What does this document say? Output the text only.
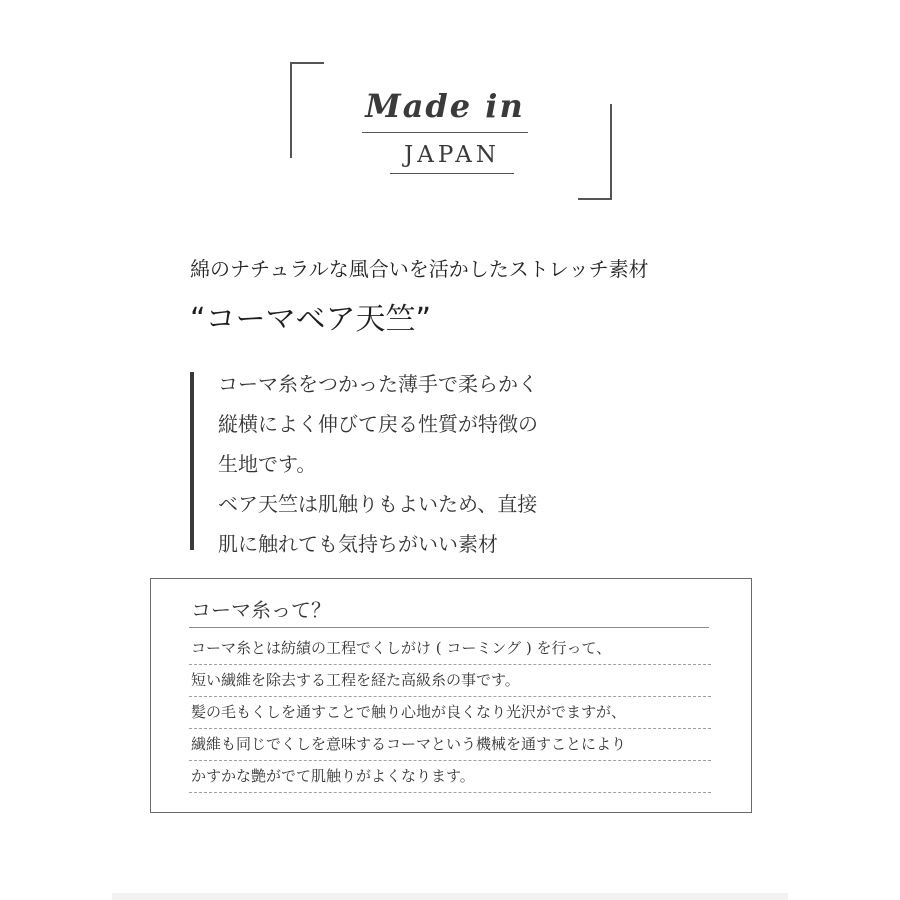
Made in
JAPAN
綿のナチュラルな風合いを活かしたストレッチ素材
“コーマベア天竺”
コーマ糸をつかった薄手で柔らかく
縦横によく伸びて戻る性質が特徴の
生地です。
ベア天竺は肌触りもよいため、直接
肌に触れても気持ちがいい素材
コーマ糸って？
コーマ糸とは紡績の工程でくしがけ ( コーミング ) を行って、
短い繊維を除去する工程を経た高級糸の事です。
髪の毛もくしを通すことで触り心地が良くなり光沢がでますが、
繊維も同じでくしを意味するコーマという機械を通すことにより
かすかな艶がでて肌触りがよくなります。
